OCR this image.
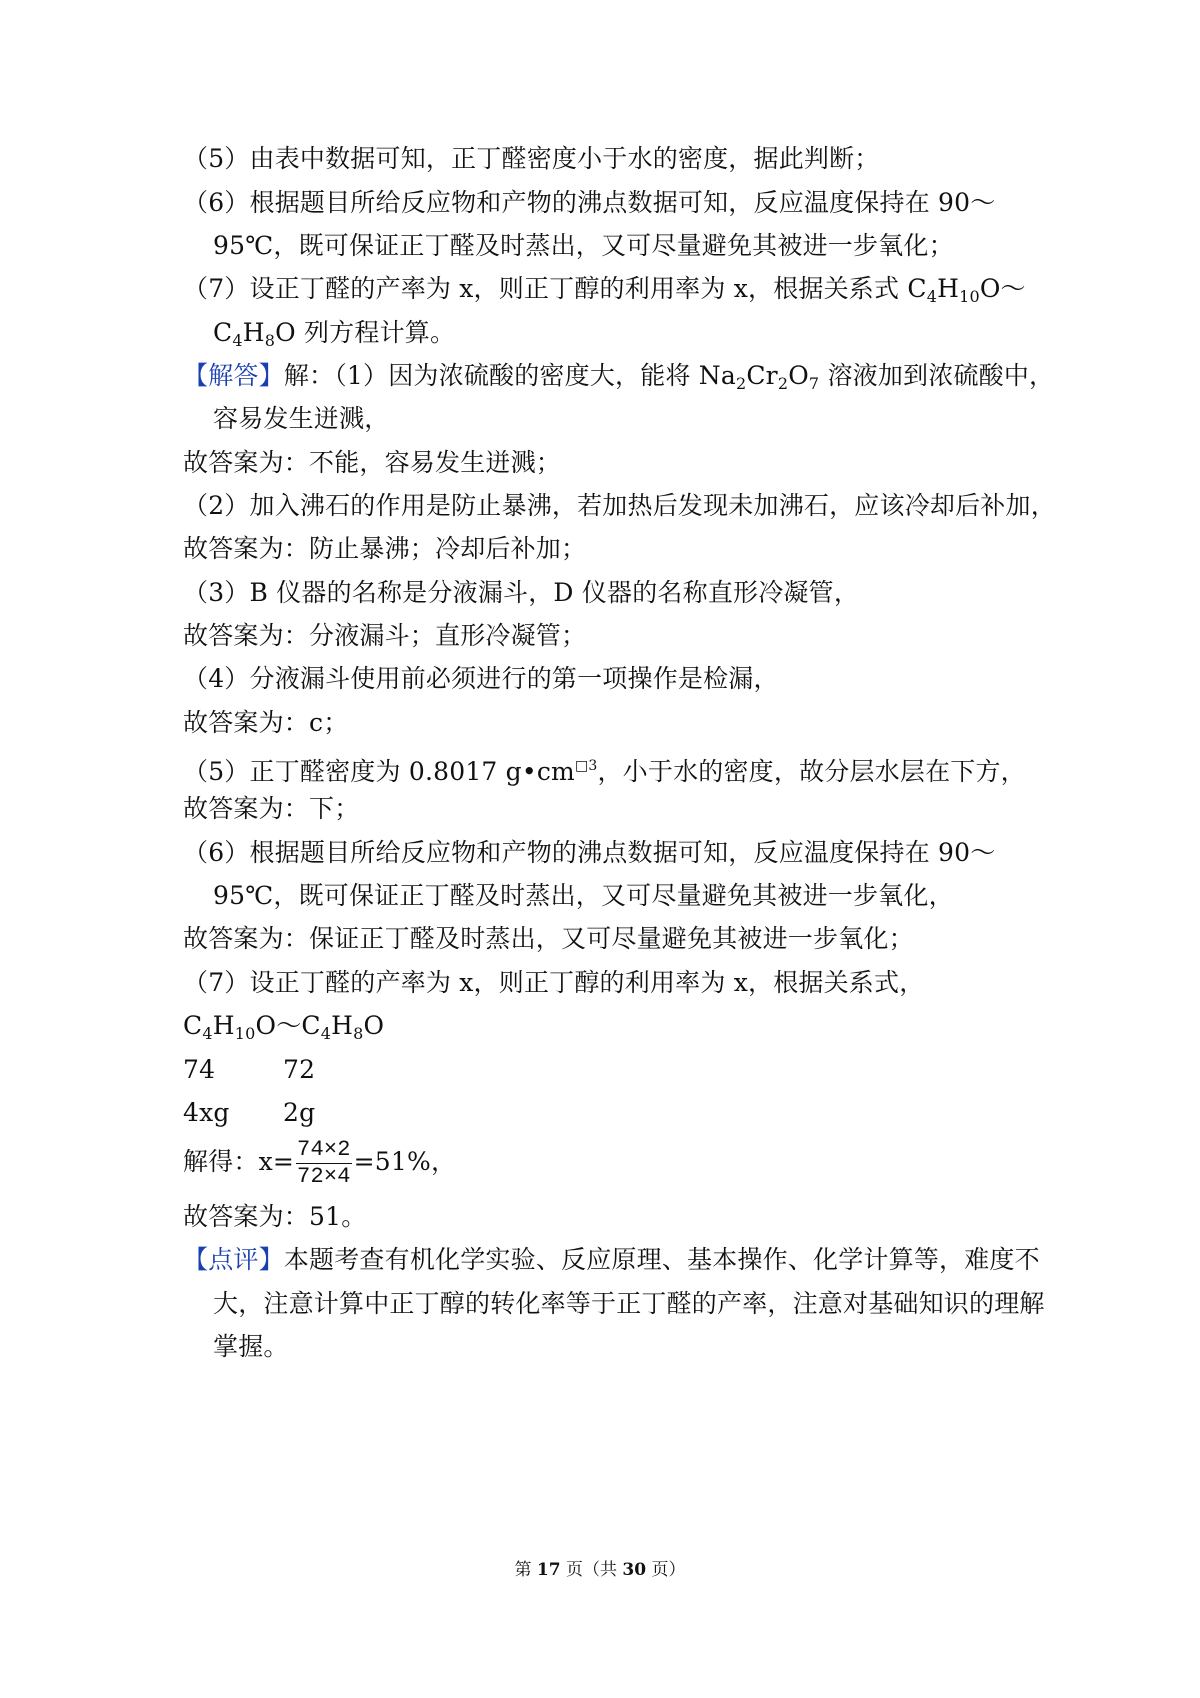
（5）由表中数据可知，正丁醛密度小于水的密度，据此判断；
（6）根据题目所给反应物和产物的沸点数据可知，反应温度保持在 90～
95℃，既可保证正丁醛及时蒸出，又可尽量避免其被进一步氧化；
（7）设正丁醛的产率为 x，则正丁醇的利用率为 x，根据关系式 $C_4H_{10}O\sim$
$C_4H_8O$ 列方程计算。
【解答】解：（1）因为浓硫酸的密度大，能将 $Na_2Cr_2O_7$ 溶液加到浓硫酸中，
容易发生迸溅，
故答案为：不能，容易发生迸溅；
（2）加入沸石的作用是防止暴沸，若加热后发现未加沸石，应该冷却后补加，
故答案为：防止暴沸；冷却后补加；
（3）B 仪器的名称是分液漏斗，D 仪器的名称直形冷凝管，
故答案为：分液漏斗；直形冷凝管；
（4）分液漏斗使用前必须进行的第一项操作是检漏，
故答案为：c；
（5）正丁醛密度为 0.8017 $g•cm^{□3}$，小于水的密度，故分层水层在下方，
故答案为：下；
（6）根据题目所给反应物和产物的沸点数据可知，反应温度保持在 90～
95℃，既可保证正丁醛及时蒸出，又可尽量避免其被进一步氧化，
故答案为：保证正丁醛及时蒸出，又可尽量避免其被进一步氧化；
（7）设正丁醛的产率为 x，则正丁醇的利用率为 x，根据关系式，
$C_4H_{10}O\sim C_4H_8O$
74	72
4xg 2g
解得：$x= \frac{74\times 2}{72\times 4} =51\%$，
故答案为：51。
【点评】本题考查有机化学实验、反应原理、基本操作、化学计算等，难度不
大，注意计算中正丁醇的转化率等于正丁醛的产率，注意对基础知识的理解
掌握。
第 17 页（共 30 页）
